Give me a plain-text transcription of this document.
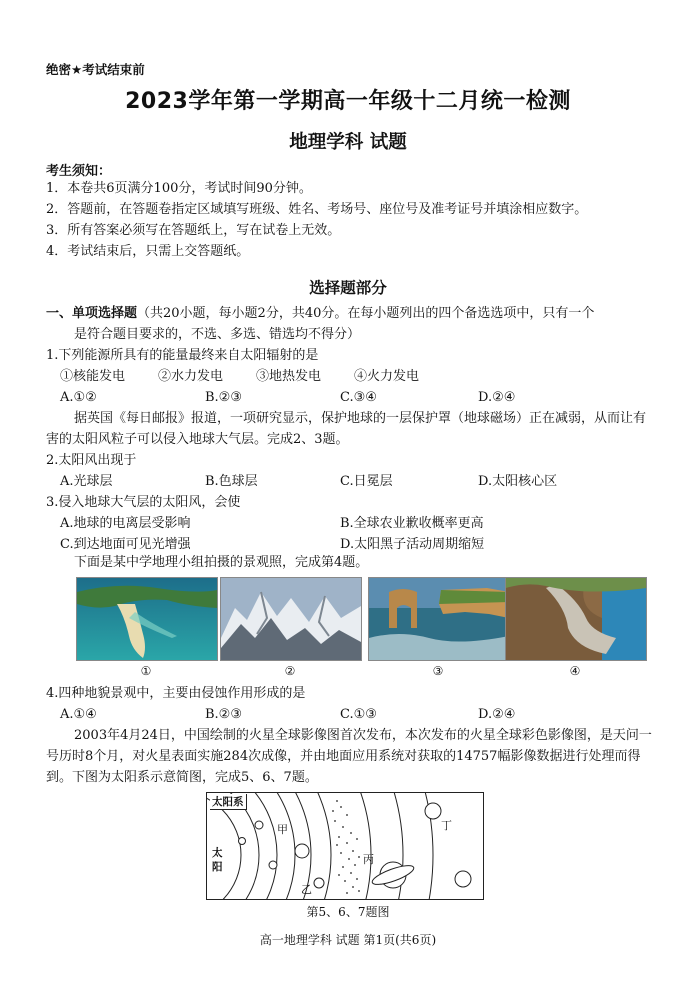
绝密★考试结束前
2023学年第一学期高一年级十二月统一检测
地理学科 试题
考生须知：
1．本卷共6页满分100分，考试时间90分钟。
2．答题前，在答题卷指定区域填写班级、姓名、考场号、座位号及准考证号并填涂相应数字。
3．所有答案必须写在答题纸上，写在试卷上无效。
4．考试结束后，只需上交答题纸。
选择题部分
一、单项选择题（共20小题，每小题2分，共40分。在每小题列出的四个备选选项中，只有一个
是符合题目要求的，不选、多选、错选均不得分）
1.下列能源所具有的能量最终来自太阳辐射的是
①核能发电	②水力发电	③地热发电	④火力发电
A.①②	B.②③	C.③④	D.②④
据英国《每日邮报》报道，一项研究显示，保护地球的一层保护罩（地球磁场）正在减弱，从而让有害的太阳风粒子可以侵入地球大气层。完成2、3题。
2.太阳风出现于
A.光球层	B.色球层	C.日冕层	D.太阳核心区
3.侵入地球大气层的太阳风，会使
A.地球的电离层受影响	B.全球农业歉收概率更高
C.到达地面可见光增强	D.太阳黑子活动周期缩短
下面是某中学地理小组拍摄的景观照，完成第4题。
①	②	③	④
4.四种地貌景观中，主要由侵蚀作用形成的是
A.①④	B.②③	C.①③	D.②④
2003年4月24日，中国绘制的火星全球影像图首次发布，本次发布的火星全球彩色影像图，是天问一号历时8个月，对火星表面实施284次成像，并由地面应用系统对获取的14757幅影像数据进行处理而得到。下图为太阳系示意简图，完成5、6、7题。
太阳系
太
阳
甲
乙
丙
丁
第5、6、7题图
高一地理学科 试题 第1页(共6页)
